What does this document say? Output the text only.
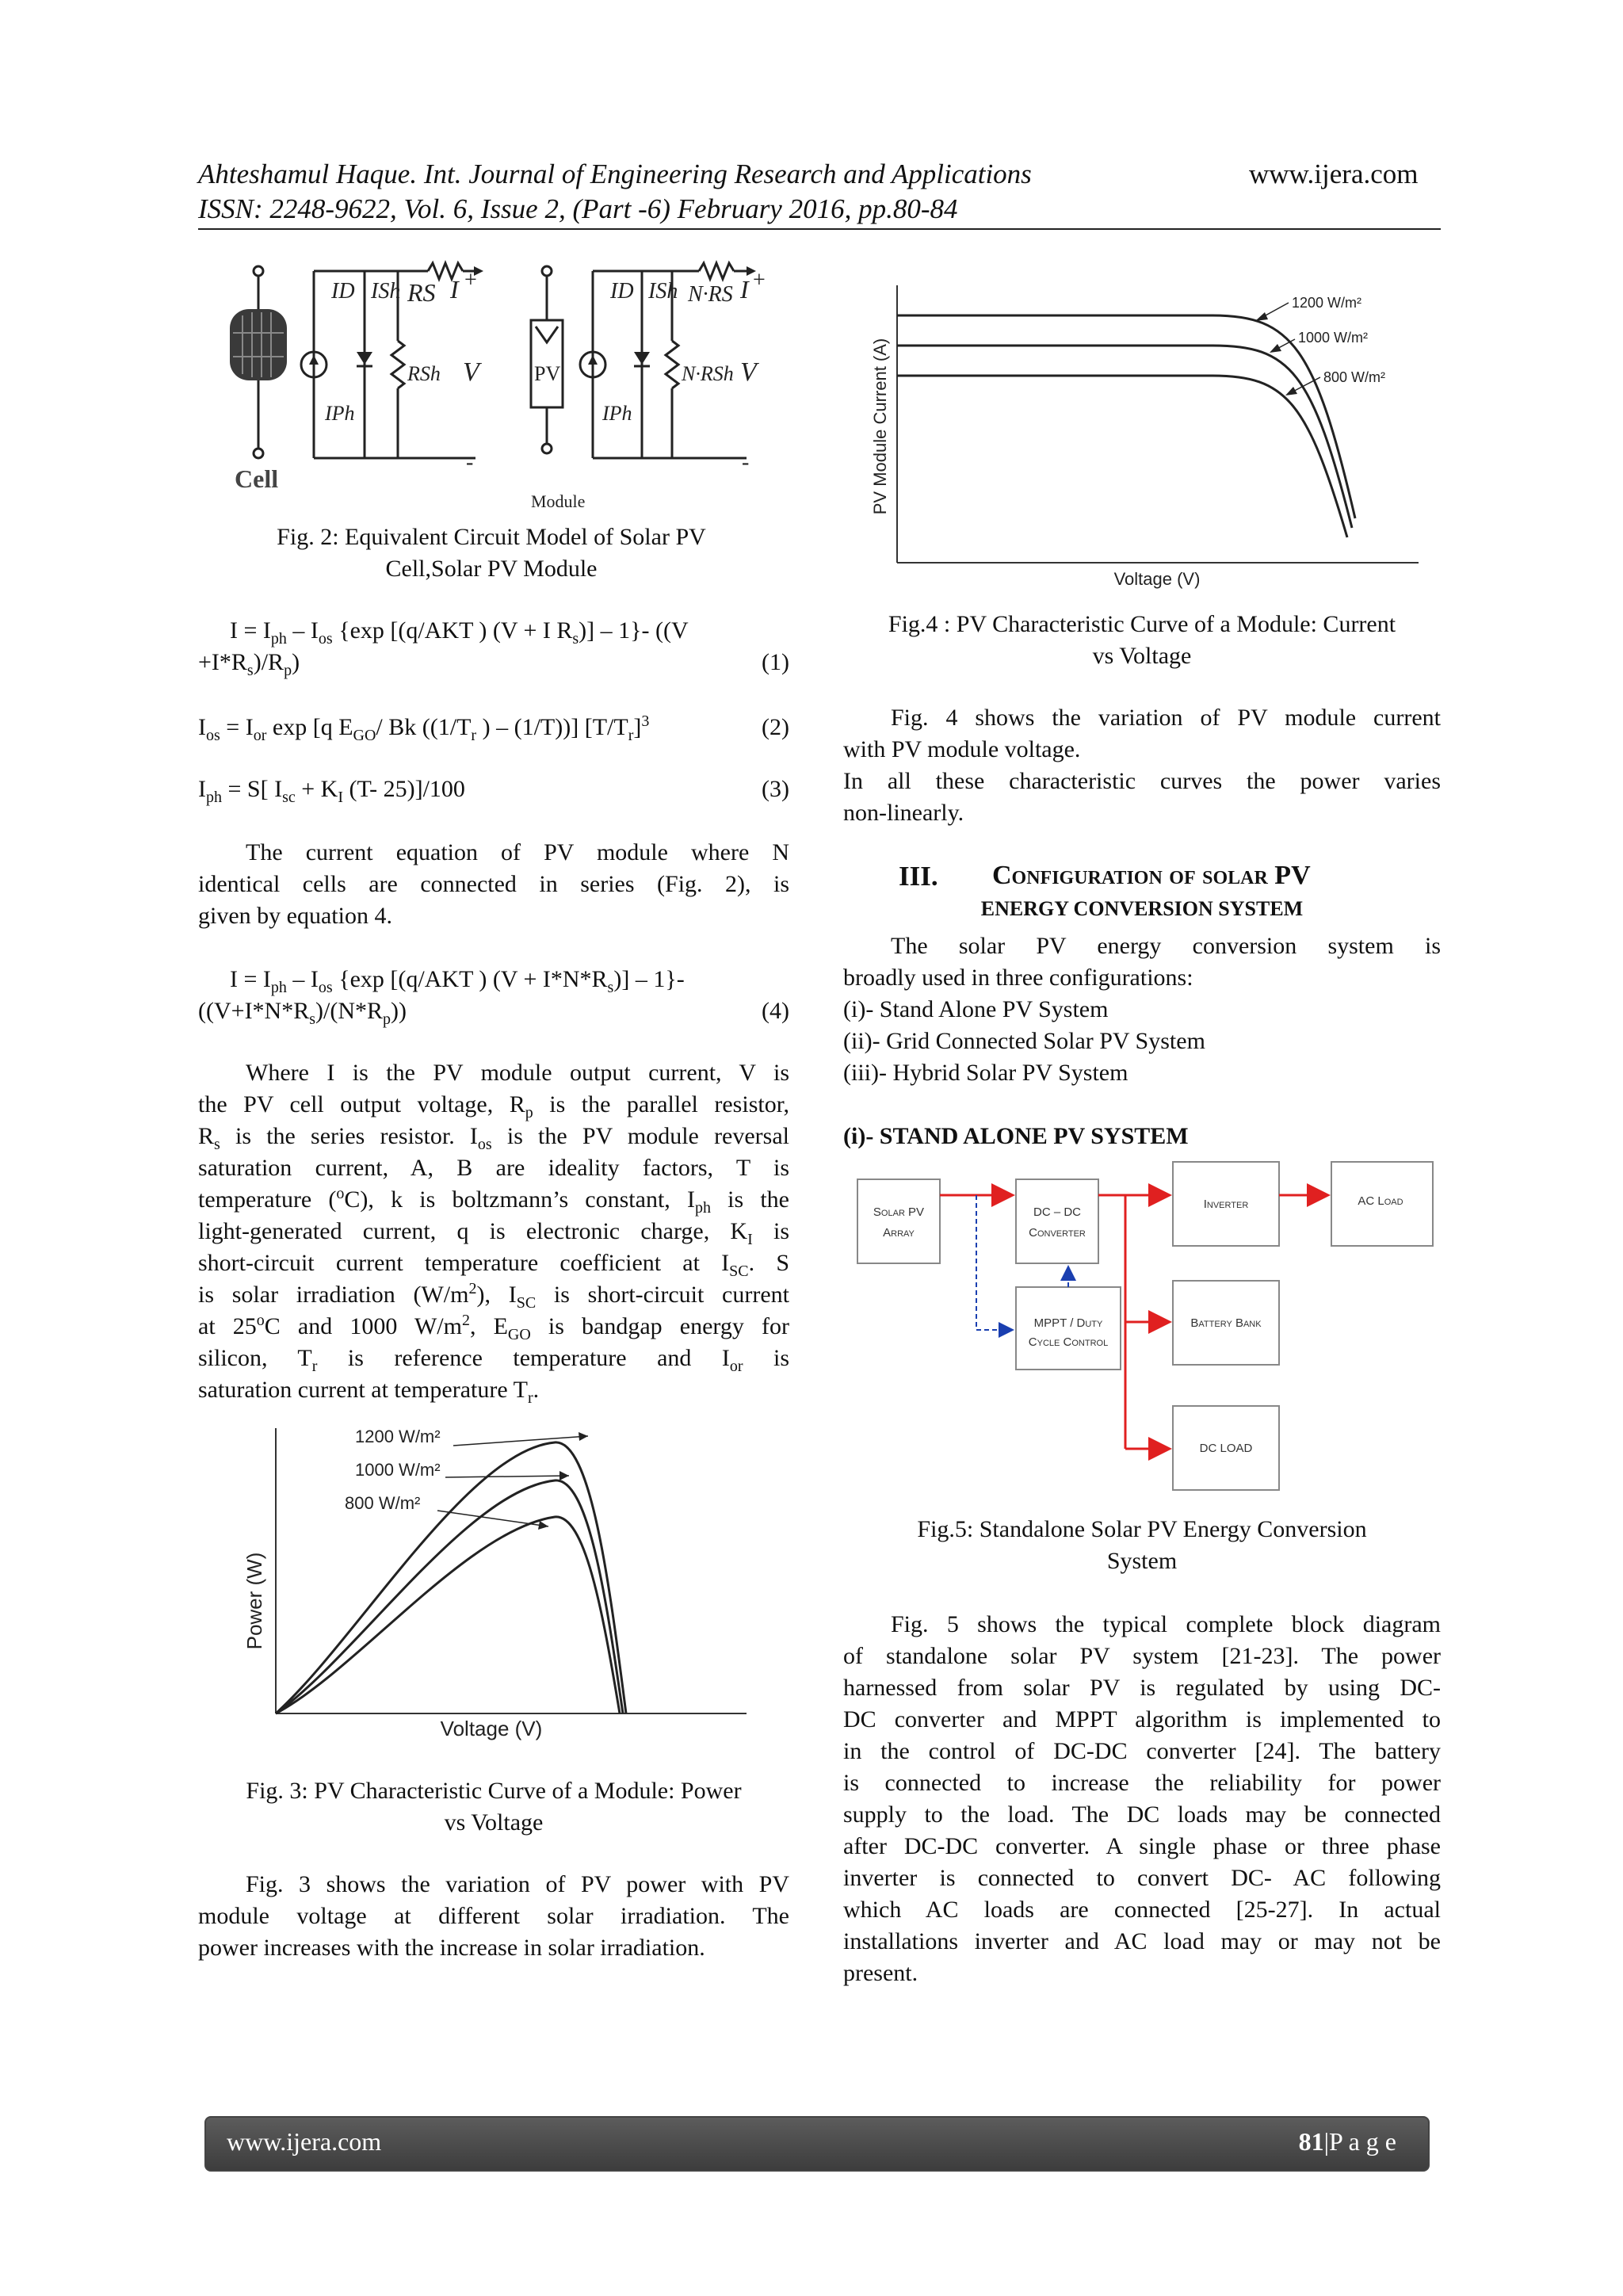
Ahteshamul Haque. Int. Journal of Engineering Research and Applications	www.ijera.com
ISSN: 2248-9622, Vol. 6, Issue 2, (Part -6) February 2016, pp.80-84
Cell
ID ISh RS I +
RSh
IPh
V
-
PV
Module
ID ISh N·RS I +
N·RSh
IPh
V
-
Fig. 2: Equivalent Circuit Model of Solar PV
Cell,Solar PV Module
$I = I_{ph} - I_{os}$ {exp [(q/AKT ) (V + I $R_s)] - 1\}-$ ((V
$+I*R_s)/R_p$)	(1)
$I_{os} = I_{or}$ exp [q $E_{GO}/$ Bk (($1/T_r$ ) – (1/T))] $[T/T_r]^3$	(2)
$I_{ph} = S$[ $I_{sc} + K_I$ (T- 25)]/100	(3)
The current equation of PV module where N
identical cells are connected in series (Fig. 2), is
given by equation 4.
$I = I_{ph} - I_{os}$ {exp [(q/AKT ) $(V + I*N*R_s)] - 1\}-$
$((V+I*N*R_s)/(N*R_p))$	(4)
Where I is the PV module output current, V is
the PV cell output voltage, $R_p$ is the parallel resistor,
$R_s$ is the series resistor. $I_{os}$ is the PV module reversal
saturation current, A, B are ideality factors, T is
temperature ($^o$C), k is boltzmann’s constant, $I_{ph}$ is the
light-generated current, q is electronic charge, $K_I$ is
short-circuit current temperature coefficient at $I_{SC}$. S
is solar irradiation $(W/m^2)$, $I_{SC}$ is short-circuit current
at 25$^o$C and 1000 $W/m^2$, $E_{GO}$ is bandgap energy for
silicon, $T_r$ is reference temperature and $I_{or}$ is
saturation current at temperature $T_r$.
Power (W)
Voltage (V)
1200 W/m²
1000 W/m²
800 W/m²
Fig. 3: PV Characteristic Curve of a Module: Power
vs Voltage
Fig. 3 shows the variation of PV power with PV
module voltage at different solar irradiation. The
power increases with the increase in solar irradiation.
PV Module Current (A)
Voltage (V)
1200 W/m²
1000 W/m²
800 W/m²
Fig.4 : PV Characteristic Curve of a Module: Current
vs Voltage
Fig. 4 shows the variation of PV module current
with PV module voltage.
In all these characteristic curves the power varies
non-linearly.
III. Configuration of solar PV
ENERGY CONVERSION SYSTEM
The solar PV energy conversion system is
broadly used in three configurations:
(i)- Stand Alone PV System
(ii)- Grid Connected Solar PV System
(iii)- Hybrid Solar PV System
(i)- STAND ALONE PV SYSTEM
Solar PV
Array
DC – DC
Converter
Inverter	AC Load
MPPT / Duty
Cycle Control
Battery Bank
DC LOAD
Fig.5: Standalone Solar PV Energy Conversion
System
Fig. 5 shows the typical complete block diagram
of standalone solar PV system [21-23]. The power
harnessed from solar PV is regulated by using DC-
DC converter and MPPT algorithm is implemented to
in the control of DC-DC converter [24]. The battery
is connected to increase the reliability for power
supply to the load. The DC loads may be connected
after DC-DC converter. A single phase or three phase
inverter is connected to convert DC- AC following
which AC loads are connected [25-27]. In actual
installations inverter and AC load may or may not be
present.
www.ijera.com	81|P a g e
